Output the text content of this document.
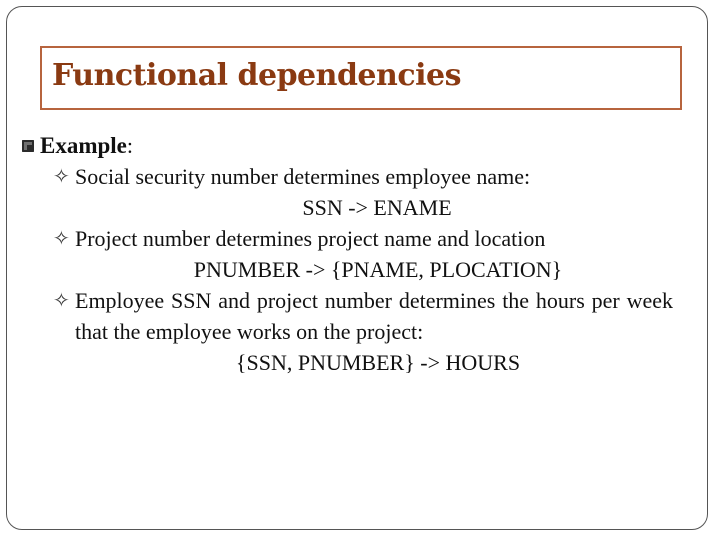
Functional dependencies
Example :
✧ Social security number determines employee name:
SSN -> ENAME
✧ Project number determines project name and location
PNUMBER -> {PNAME, PLOCATION}
✧ Employee SSN and project number determines the hours per week that the employee works on the project:
{SSN, PNUMBER} -> HOURS
